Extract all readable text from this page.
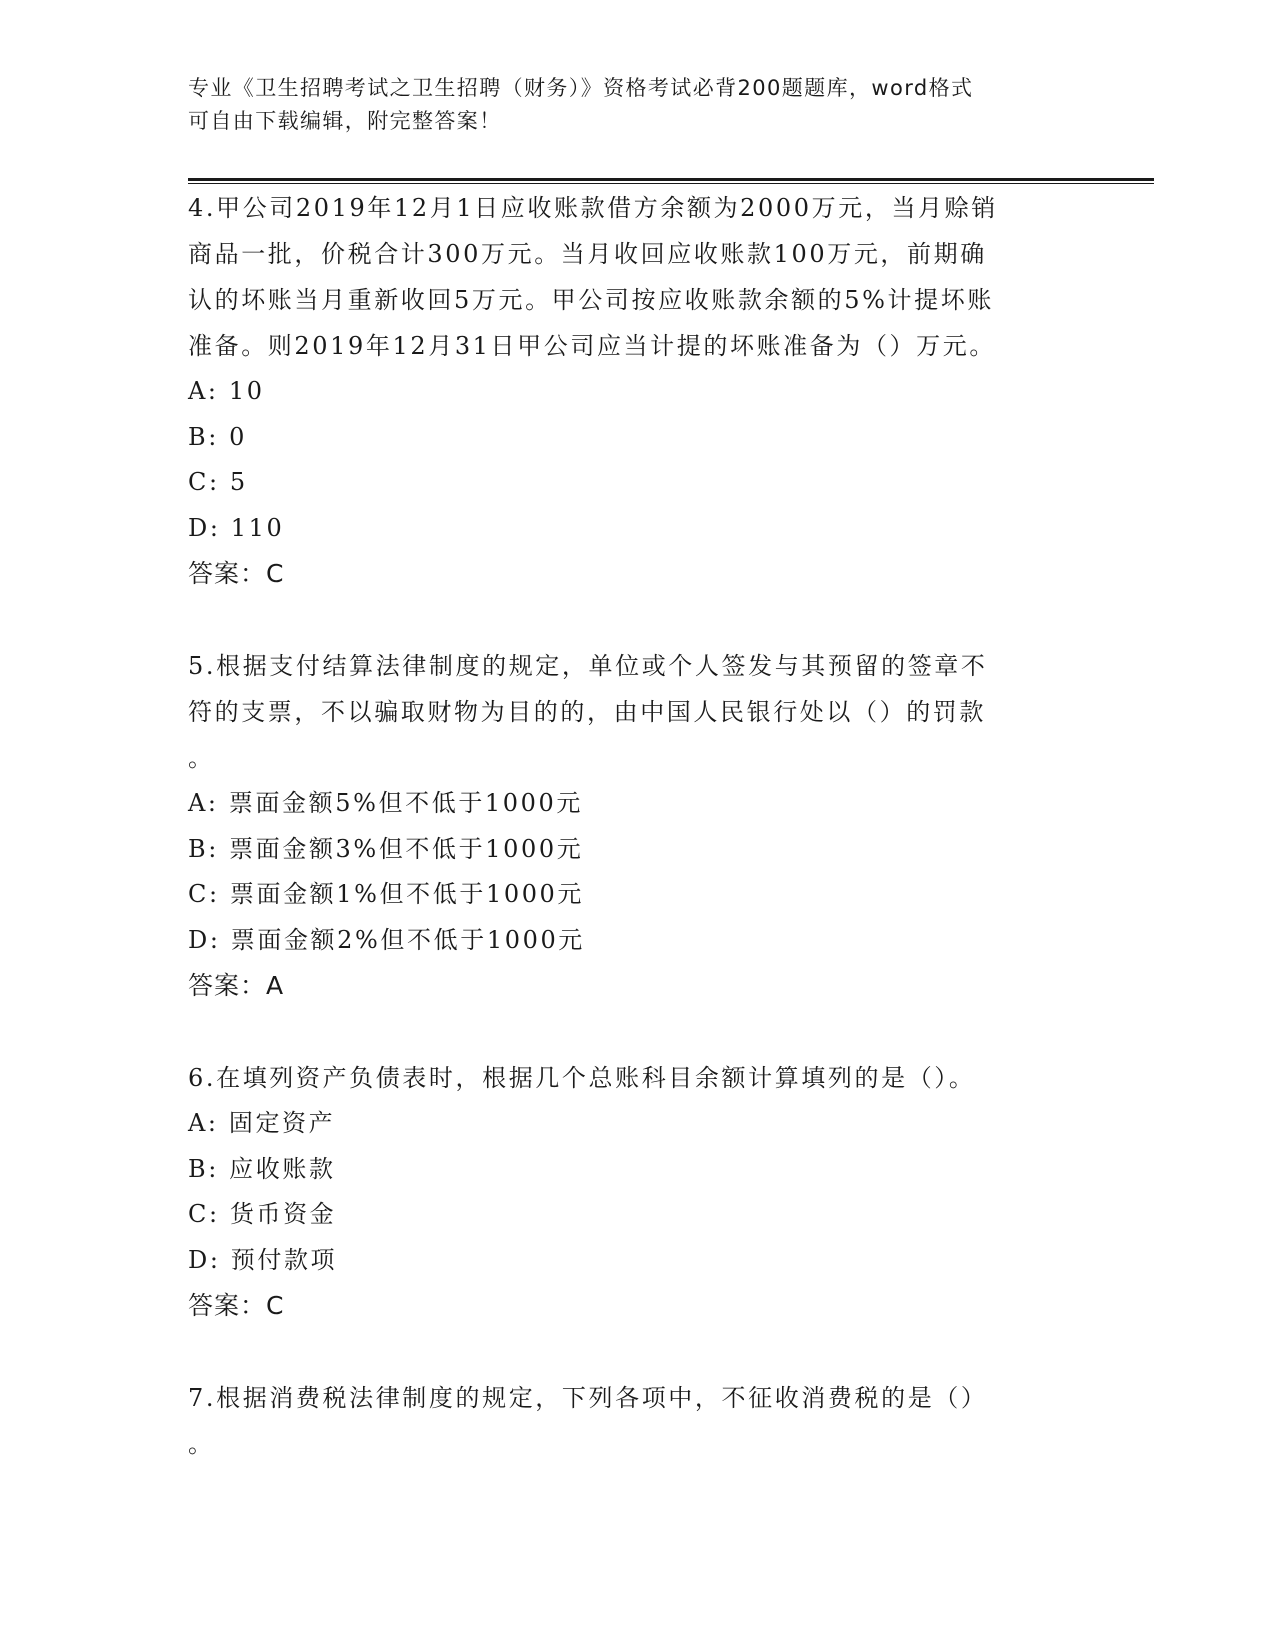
专业《卫生招聘考试之卫生招聘（财务）》资格考试必背200题题库，word格式
可自由下载编辑，附完整答案！
4.甲公司2019年12月1日应收账款借方余额为2000万元，当月赊销
商品一批，价税合计300万元。当月收回应收账款100万元，前期确
认的坏账当月重新收回5万元。甲公司按应收账款余额的5%计提坏账
准备。则2019年12月31日甲公司应当计提的坏账准备为（）万元。
A: 10
B: 0
C: 5
D: 110
答案：C
5.根据支付结算法律制度的规定，单位或个人签发与其预留的签章不
符的支票，不以骗取财物为目的的，由中国人民银行处以（）的罚款
。
A: 票面金额5%但不低于1000元
B: 票面金额3%但不低于1000元
C: 票面金额1%但不低于1000元
D: 票面金额2%但不低于1000元
答案：A
6.在填列资产负债表时，根据几个总账科目余额计算填列的是（）。
A: 固定资产
B: 应收账款
C: 货币资金
D: 预付款项
答案：C
7.根据消费税法律制度的规定，下列各项中，不征收消费税的是（）
。
